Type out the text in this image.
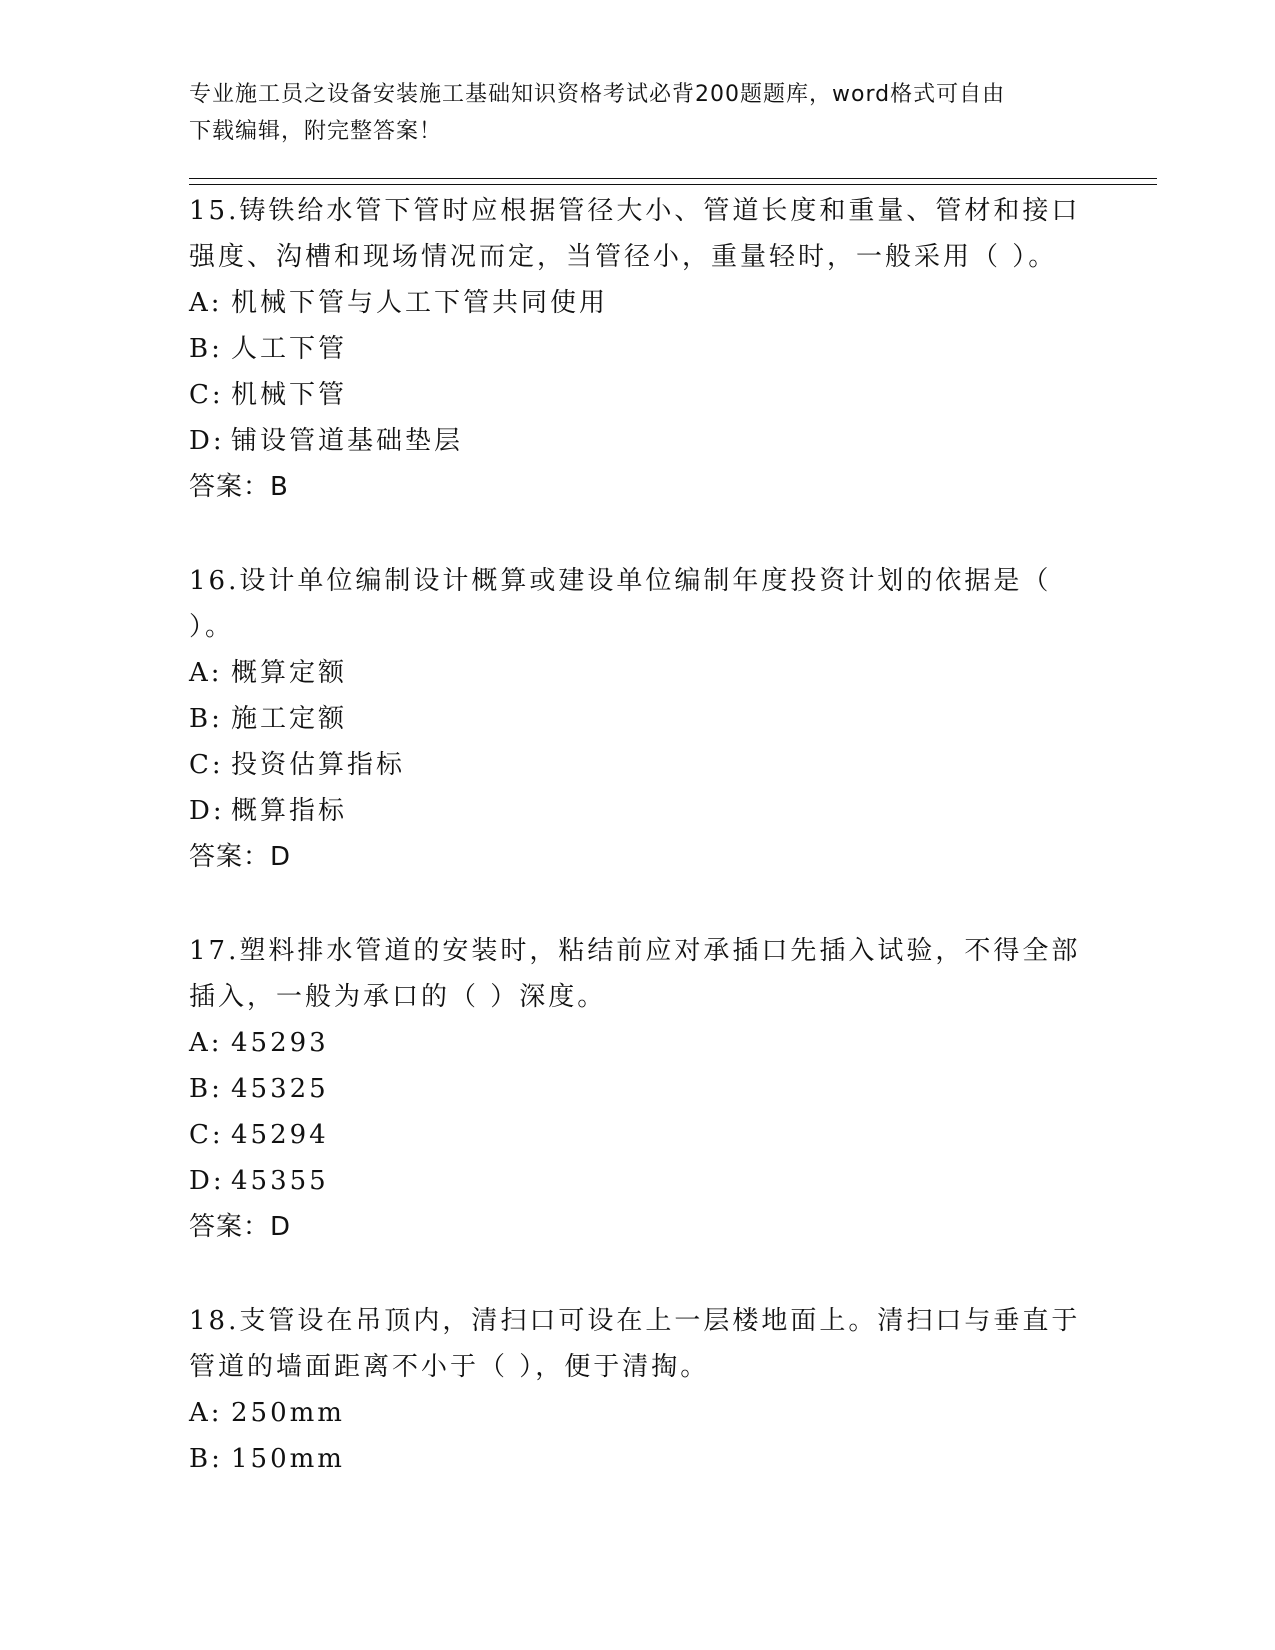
专业施工员之设备安装施工基础知识资格考试必背200题题库，word格式可自由
下载编辑，附完整答案！
15.铸铁给水管下管时应根据管径大小、管道长度和重量、管材和接口
强度、沟槽和现场情况而定，当管径小，重量轻时，一般采用（ ）。
A: 机械下管与人工下管共同使用
B: 人工下管
C: 机械下管
D: 铺设管道基础垫层
答案：B
16.设计单位编制设计概算或建设单位编制年度投资计划的依据是（
）。
A: 概算定额
B: 施工定额
C: 投资估算指标
D: 概算指标
答案：D
17.塑料排水管道的安装时，粘结前应对承插口先插入试验，不得全部
插入，一般为承口的（ ）深度。
A: 45293
B: 45325
C: 45294
D: 45355
答案：D
18.支管设在吊顶内，清扫口可设在上一层楼地面上。清扫口与垂直于
管道的墙面距离不小于（ ），便于清掏。
A: 250mm
B: 150mm
